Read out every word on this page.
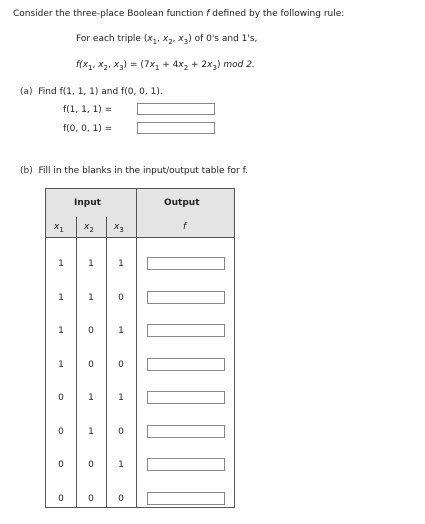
Consider the three-place Boolean function f defined by the following rule:
For each triple ($x_1$, $x_2$, $x_3$) of 0's and 1's,
$f(x_1$, $x_2$, $x_3) = (7x_1 + 4x_2 + 2x_3)$ mod 2.
(a) Find f(1, 1, 1) and f(0, 0, 1).
f(1, 1, 1) =
f(0, 0, 1) =
(b) Fill in the blanks in the input/output table for f.
Input	Output
$x_1$ $x_2$ $x_3$	f
1	1	1
1	1	0
1	0	1
1	0	0
0	1	1
0	1	0
0	0	1
0	0	0
